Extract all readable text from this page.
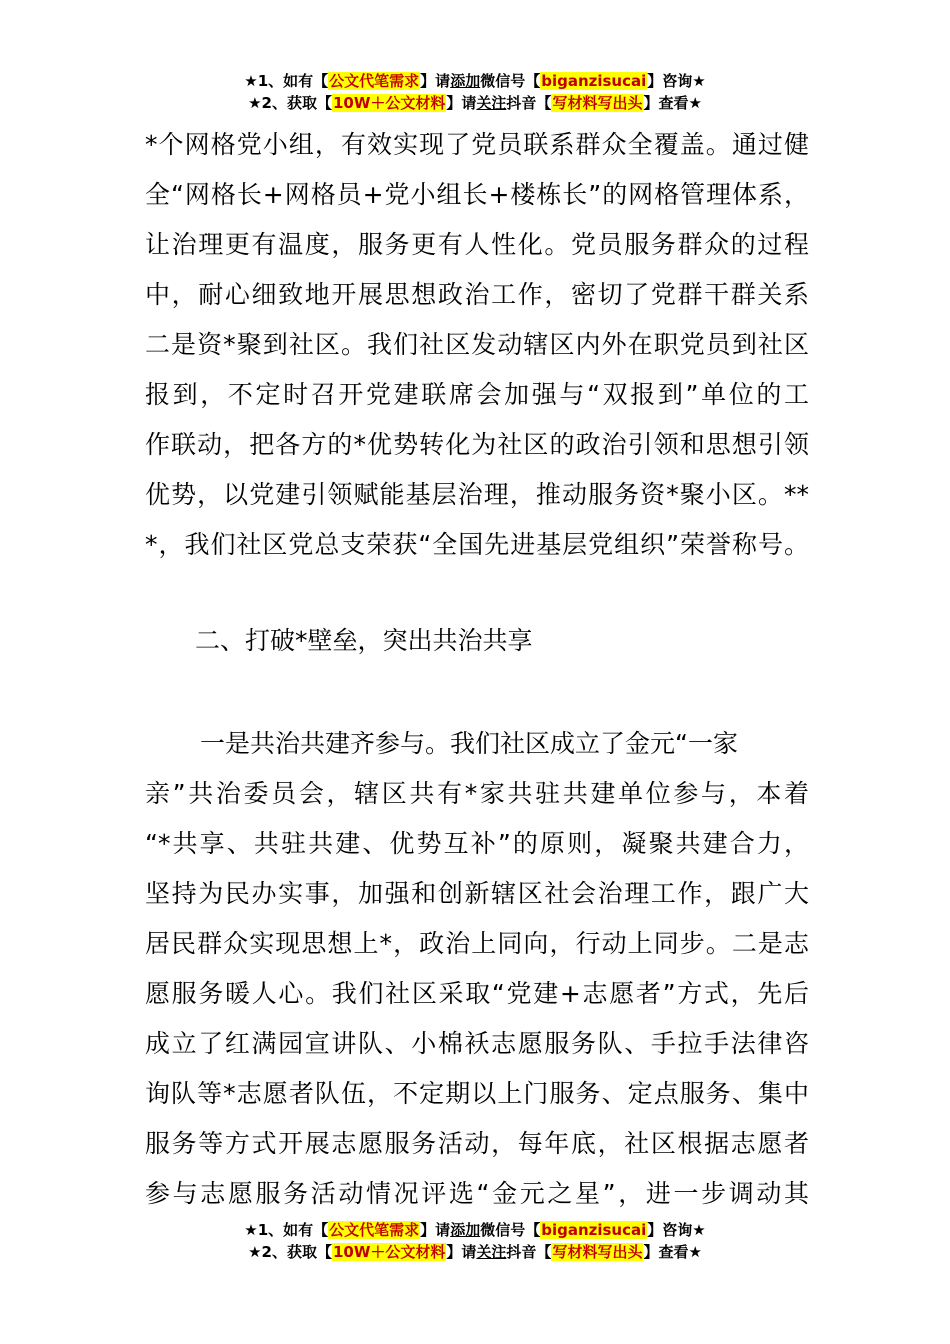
★1、如有【公文代笔需求】请添加微信号【biganzisucai】咨询★
★2、获取【10W＋公文材料】请关注抖音【写材料写出头】查看★
*个网格党小组，有效实现了党员联系群众全覆盖。通过健
全“网格长+网格员+党小组长+楼栋长”的网格管理体系，
让治理更有温度，服务更有人性化。党员服务群众的过程
中，耐心细致地开展思想政治工作，密切了党群干群关系
二是资*聚到社区。我们社区发动辖区内外在职党员到社区
报到，不定时召开党建联席会加强与“双报到”单位的工
作联动，把各方的*优势转化为社区的政治引领和思想引领
优势，以党建引领赋能基层治理，推动服务资*聚小区。**
*，我们社区党总支荣获“全国先进基层党组织”荣誉称号。
二、打破*壁垒，突出共治共享
一是共治共建齐参与。我们社区成立了金元“一家
亲”共治委员会，辖区共有*家共驻共建单位参与，本着
“*共享、共驻共建、优势互补”的原则，凝聚共建合力，
坚持为民办实事，加强和创新辖区社会治理工作，跟广大
居民群众实现思想上*，政治上同向，行动上同步。二是志
愿服务暖人心。我们社区采取“党建+志愿者”方式，先后
成立了红满园宣讲队、小棉袄志愿服务队、手拉手法律咨
询队等*志愿者队伍，不定期以上门服务、定点服务、集中
服务等方式开展志愿服务活动，每年底，社区根据志愿者
参与志愿服务活动情况评选“金元之星”，进一步调动其
★1、如有【公文代笔需求】请添加微信号【biganzisucai】咨询★
★2、获取【10W＋公文材料】请关注抖音【写材料写出头】查看★
